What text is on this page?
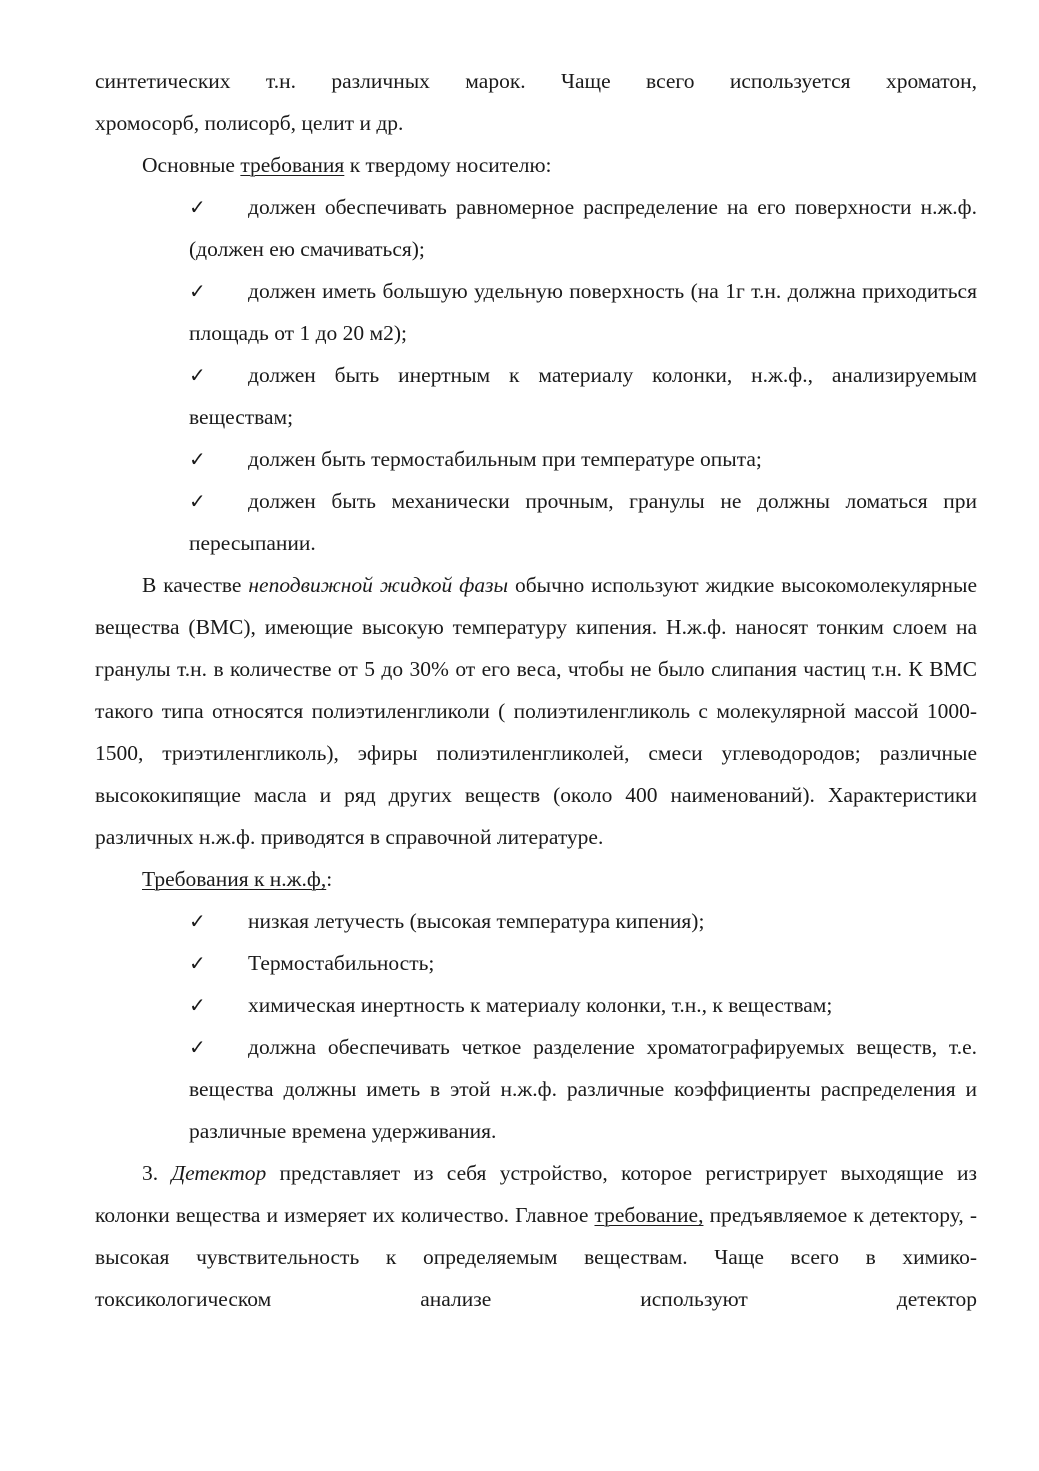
синтетических т.н. различных марок. Чаще всего используется хроматон,

хромосорб, полисорб, целит и др.

Основные требования к твердому носителю:

✓	должен обеспечивать равномерное распределение на его поверхности н.ж.ф. (должен ею смачиваться);
✓	должен иметь большую удельную поверхность (на 1г т.н. должна приходиться площадь от 1 до 20 м2);
✓	должен быть инертным к материалу колонки, н.ж.ф., анализируемым веществам;
✓	должен быть термостабильным при температуре опыта;
✓	должен быть механически прочным, гранулы не должны ломаться при пересыпании.

В качестве неподвижной жидкой фазы обычно используют жидкие высокомолекулярные вещества (ВМС), имеющие высокую температуру кипения. Н.ж.ф. наносят тонким слоем на гранулы т.н. в количестве от 5 до 30% от его веса, чтобы не было слипания частиц т.н. К ВМС такого типа относятся полиэтиленгликоли ( полиэтиленгликоль с молекулярной массой 1000-1500, триэтиленгликоль), эфиры полиэтиленгликолей, смеси углеводородов; различные высококипящие масла и ряд других веществ (около 400 наименований). Характеристики различных н.ж.ф. приводятся в справочной литературе.

Требования к н.ж.ф,:

✓	низкая летучесть (высокая температура кипения);
✓	Термостабильность;
✓	химическая инертность к материалу колонки, т.н., к веществам;
✓	должна обеспечивать четкое разделение хроматографируемых веществ, т.е. вещества должны иметь в этой н.ж.ф. различные коэффициенты распределения и различные времена удерживания.

3. Детектор представляет из себя устройство, которое регистрирует выходящие из колонки вещества и измеряет их количество. Главное требование, предъявляемое к детектору, - высокая чувствительность к определяемым веществам. Чаще всего в химико-токсикологическом анализе используют детектор
